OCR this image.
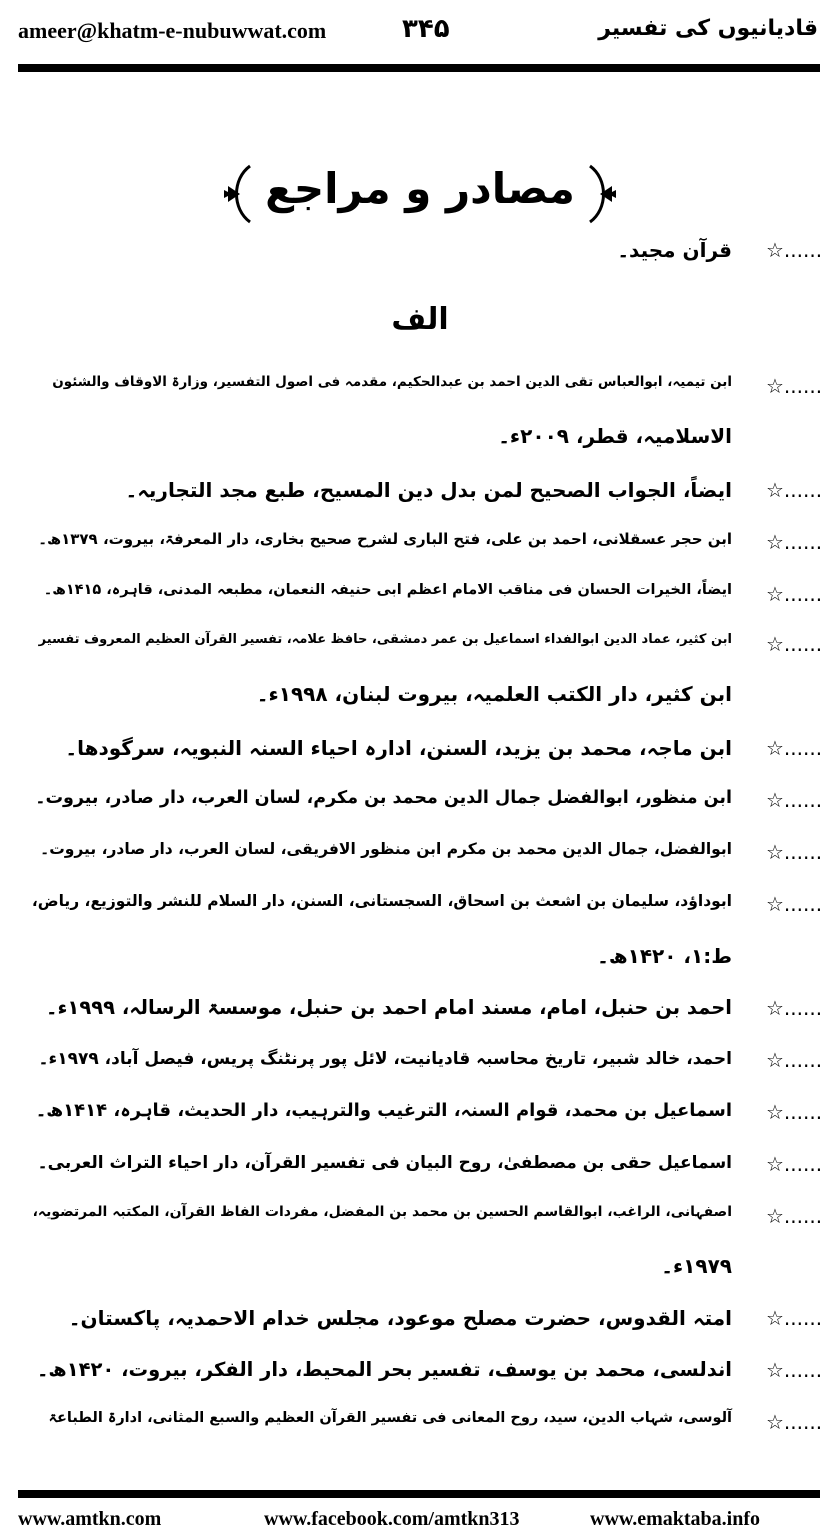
ameer@khatm-e-nubuwwat.com	۳۴۵	قادیانیوں کی تفسیر
مصادر و مراجع
☆......
قرآن مجید۔
☆......
ابن تیمیہ، ابوالعباس تقی الدین احمد بن عبدالحکیم، مقدمہ فی اصول التفسیر، وزارۃ الاوقاف والشئون
الاسلامیہ، قطر، ۲۰۰۹ء۔
☆......
ایضاً، الجواب الصحیح لمن بدل دین المسیح، طبع مجد التجاریہ۔
☆......
ابن حجر عسقلانی، احمد بن علی، فتح الباری لشرح صحیح بخاری، دار المعرفۃ، بیروت، ۱۳۷۹ھ۔
☆......
ایضاً، الخیرات الحسان فی مناقب الامام اعظم ابی حنیفہ النعمان، مطبعہ المدنی، قاہرہ، ۱۴۱۵ھ۔
☆......
ابن کثیر، عماد الدین ابوالفداء اسماعیل بن عمر دمشقی، حافظ علامہ، تفسیر القرآن العظیم المعروف تفسیر
ابن کثیر، دار الکتب العلمیہ، بیروت لبنان، ۱۹۹۸ء۔
☆......
ابن ماجہ، محمد بن یزید، السنن، ادارہ احیاء السنہ النبویہ، سرگودھا۔
☆......
ابن منظور، ابوالفضل جمال الدین محمد بن مکرم، لسان العرب، دار صادر، بیروت۔
☆......
ابوالفضل، جمال الدین محمد بن مکرم ابن منظور الافریقی، لسان العرب، دار صادر، بیروت۔
☆......
ابوداؤد، سلیمان بن اشعث بن اسحاق، السجستانی، السنن، دار السلام للنشر والتوزیع، ریاض،
ط:۱، ۱۴۲۰ھ۔
☆......
احمد بن حنبل، امام، مسند امام احمد بن حنبل، موسسۃ الرسالہ، ۱۹۹۹ء۔
☆......
احمد، خالد شبیر، تاریخ محاسبہ قادیانیت، لائل پور پرنٹنگ پریس، فیصل آباد، ۱۹۷۹ء۔
☆......
اسماعیل بن محمد، قوام السنہ، الترغیب والترہیب، دار الحدیث، قاہرہ، ۱۴۱۴ھ۔
☆......
اسماعیل حقی بن مصطفیٰ، روح البیان فی تفسیر القرآن، دار احیاء التراث العربی۔
☆......
اصفہانی، الراغب، ابوالقاسم الحسین بن محمد بن المفضل، مفردات الفاظ القرآن، المکتبہ المرتضویہ،
۱۹۷۹ء۔
☆......
امتہ القدوس، حضرت مصلح موعود، مجلس خدام الاحمدیہ، پاکستان۔
☆......
اندلسی، محمد بن یوسف، تفسیر بحر المحیط، دار الفکر، بیروت، ۱۴۲۰ھ۔
☆......
آلوسی، شہاب الدین، سید، روح المعانی فی تفسیر القرآن العظیم والسبع المثانی، ادارۃ الطباعۃ
الف
www.amtkn.com	www.facebook.com/amtkn313	www.emaktaba.info
